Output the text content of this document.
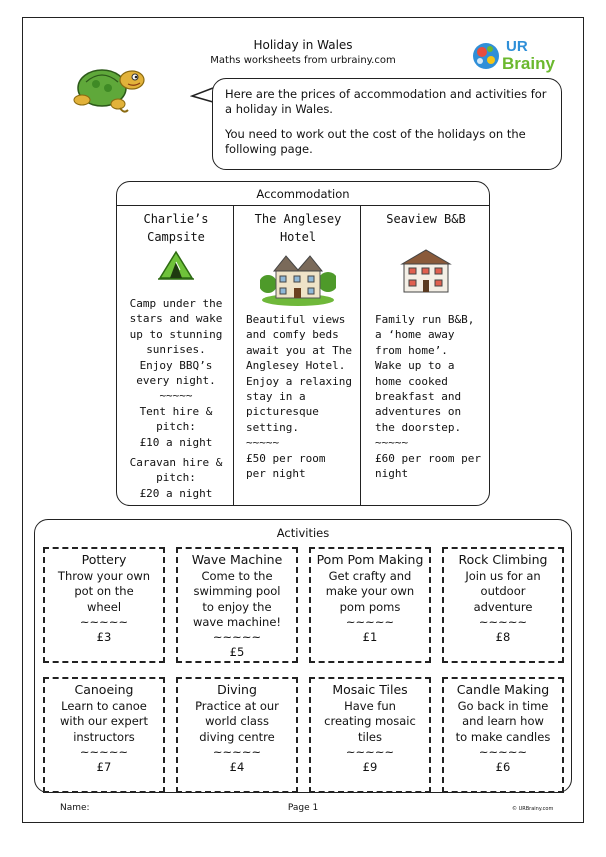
Holiday in Wales
Maths worksheets from urbrainy.com
UR
Brainy

Here are the prices of accommodation and activities for a holiday in Wales.

You need to work out the cost of the holidays on the following page.

Accommodation
Charlie’s
Campsite
Camp under the
stars and wake
up to stunning
sunrises.
Enjoy BBQ’s
every night.
~~~~~
Tent hire &
pitch:
£10 a night
Caravan hire &
pitch:
£20 a night
The Anglesey
Hotel
Beautiful views
and comfy beds
await you at The
Anglesey Hotel.
Enjoy a relaxing
stay in a
picturesque
setting.
~~~~~
£50 per room
per night
Seaview B&B
Family run B&B,
a ‘home away
from home’.
Wake up to a
home cooked
breakfast and
adventures on
the doorstep.
~~~~~
£60 per room per
night
Activities
Pottery
Throw your own
pot on the
wheel
~~~~~
£3
Wave Machine
Come to the
swimming pool
to enjoy the
wave machine!
~~~~~
£5
Pom Pom Making
Get crafty and
make your own
pom poms
~~~~~
£1
Rock Climbing
Join us for an
outdoor
adventure
~~~~~
£8
Canoeing
Learn to canoe
with our expert
instructors
~~~~~
£7
Diving
Practice at our
world class
diving centre
~~~~~
£4
Mosaic Tiles
Have fun
creating mosaic
tiles
~~~~~
£9
Candle Making
Go back in time
and learn how
to make candles
~~~~~
£6
Name:	Page 1	© URBrainy.com
